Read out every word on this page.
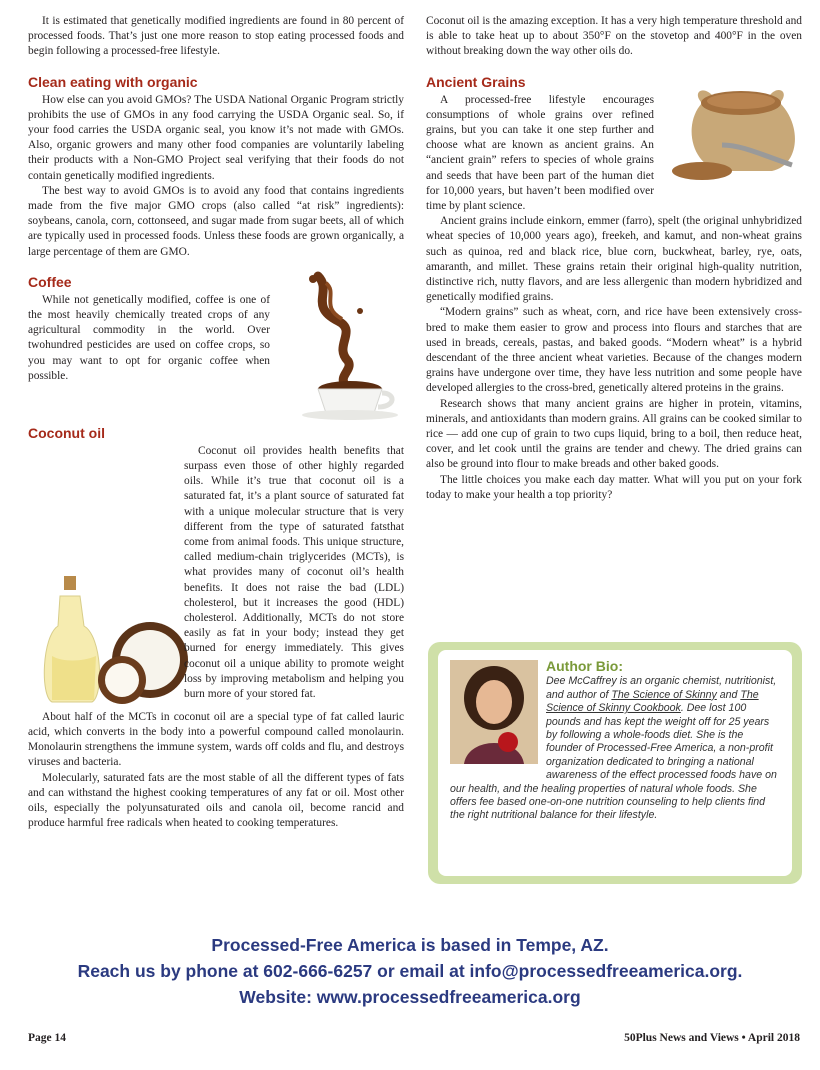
It is estimated that genetically modified ingredients are found in 80 percent of processed foods. That’s just one more reason to stop eating processed foods and begin following a processed-free lifestyle.

Clean eating with organic

How else can you avoid GMOs? The USDA National Organic Program strictly prohibits the use of GMOs in any food carrying the USDA Organic seal. So, if your food carries the USDA organic seal, you know it’s not made with GMOs. Also, organic growers and many other food companies are voluntarily labeling their products with a Non-GMO Project seal verifying that their foods do not contain genetically modified ingredients.

The best way to avoid GMOs is to avoid any food that contains ingredients made from the five major GMO crops (also called “at risk” ingredients): soybeans, canola, corn, cottonseed, and sugar made from sugar beets, all of which are typically used in processed foods. Unless these foods are grown organically, a large percentage of them are GMO.

Coffee

While not genetically modified, coffee is one of the most heavily chemically treated crops of any agricultural commodity in the world. Over twohundred pesticides are used on coffee crops, so you may want to opt for organic coffee when possible.

Coconut oil

Coconut oil provides health benefits that surpass even those of other highly regarded oils. While it’s true that coconut oil is a saturated fat, it’s a plant source of saturated fat with a unique molecular structure that is very different from the type of saturated fatsthat come from animal foods. This unique structure, called medium-chain triglycerides (MCTs), is what provides many of coconut oil’s health benefits. It does not raise the bad (LDL) cholesterol, but it increases the good (HDL) cholesterol. Additionally, MCTs do not store easily as fat in your body; instead they get burned for energy immediately. This gives coconut oil a unique ability to promote weight loss by improving metabolism and helping you burn more of your stored fat.

About half of the MCTs in coconut oil are a special type of fat called lauric acid, which converts in the body into a powerful compound called monolaurin. Monolaurin strengthens the immune system, wards off colds and flu, and destroys viruses and bacteria.

Molecularly, saturated fats are the most stable of all the different types of fats and can withstand the highest cooking temperatures of any fat or oil. Most other oils, especially the polyunsaturated oils and canola oil, become rancid and produce harmful free radicals when heated to cooking temperatures.

Coconut oil is the amazing exception. It has a very high temperature threshold and is able to take heat up to about 350°F on the stovetop and 400°F in the oven without breaking down the way other oils do.

Ancient Grains

A processed-free lifestyle encourages consumptions of whole grains over refined grains, but you can take it one step further and choose what are known as ancient grains. An “ancient grain” refers to species of whole grains and seeds that have been part of the human diet for 10,000 years, but haven’t been modified over time by plant science.

Ancient grains include einkorn, emmer (farro), spelt (the original unhybridized wheat species of 10,000 years ago), freekeh, and kamut, and non-wheat grains such as quinoa, red and black rice, blue corn, buckwheat, barley, rye, oats, amaranth, and millet. These grains retain their original high-quality nutrition, distinctive rich, nutty flavors, and are less allergenic than modern hybridized and genetically modified grains.

“Modern grains” such as wheat, corn, and rice have been extensively cross-bred to make them easier to grow and process into flours and starches that are used in breads, cereals, pastas, and baked goods. “Modern wheat” is a hybrid descendant of the three ancient wheat varieties. Because of the changes modern grains have undergone over time, they have less nutrition and some people have developed allergies to the cross-bred, genetically altered proteins in the grains.

Research shows that many ancient grains are higher in protein, vitamins, minerals, and antioxidants than modern grains. All grains can be cooked similar to rice — add one cup of grain to two cups liquid, bring to a boil, then reduce heat, cover, and let cook until the grains are tender and chewy. The dried grains can also be ground into flour to make breads and other baked goods.

The little choices you make each day matter. What will you put on your fork today to make your health a top priority?

Author Bio:
Dee McCaffrey is an organic chemist, nutritionist, and author of The Science of Skinny and The Science of Skinny Cookbook. Dee lost 100 pounds and has kept the weight off for 25 years by following a whole-foods diet. She is the founder of Processed-Free America, a non-profit organization dedicated to bringing a national awareness of the effect processed foods have on our health, and the healing properties of natural whole foods. She offers fee based one-on-one nutrition counseling to help clients find the right nutritional balance for their lifestyle.
Processed-Free America is based in Tempe, AZ.
Reach us by phone at 602-666-6257 or email at info@processedfreeamerica.org.
Website: www.processedfreeamerica.org
Page 14	50Plus News and Views • April 2018
